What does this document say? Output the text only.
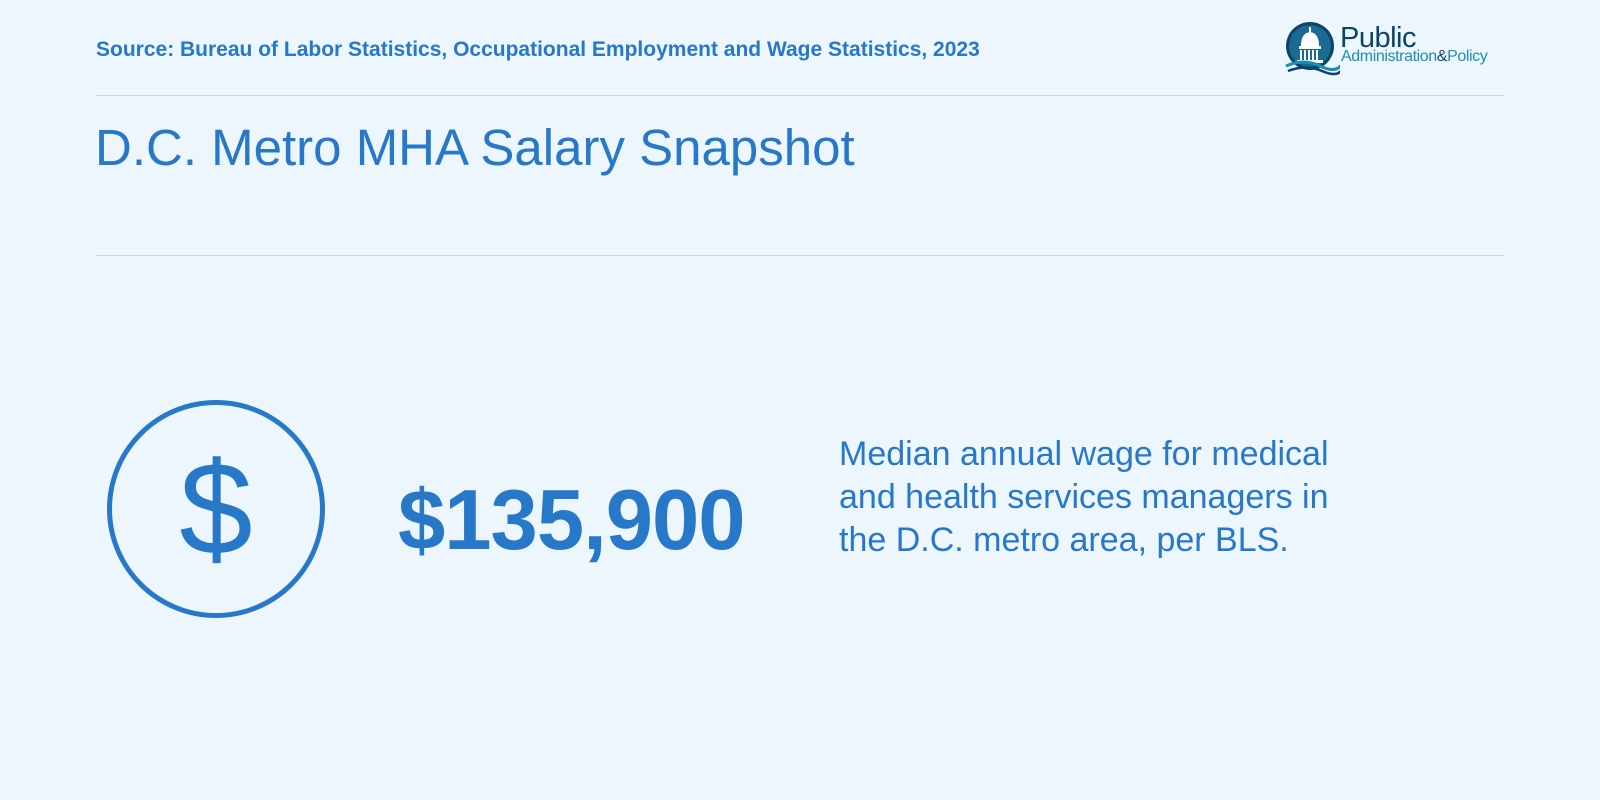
Source: Bureau of Labor Statistics, Occupational Employment and Wage Statistics, 2023	Public
Administration&Policy
D.C. Metro MHA Salary Snapshot
$	$135,900
Median annual wage for medical and health services managers in the D.C. metro area, per BLS.
